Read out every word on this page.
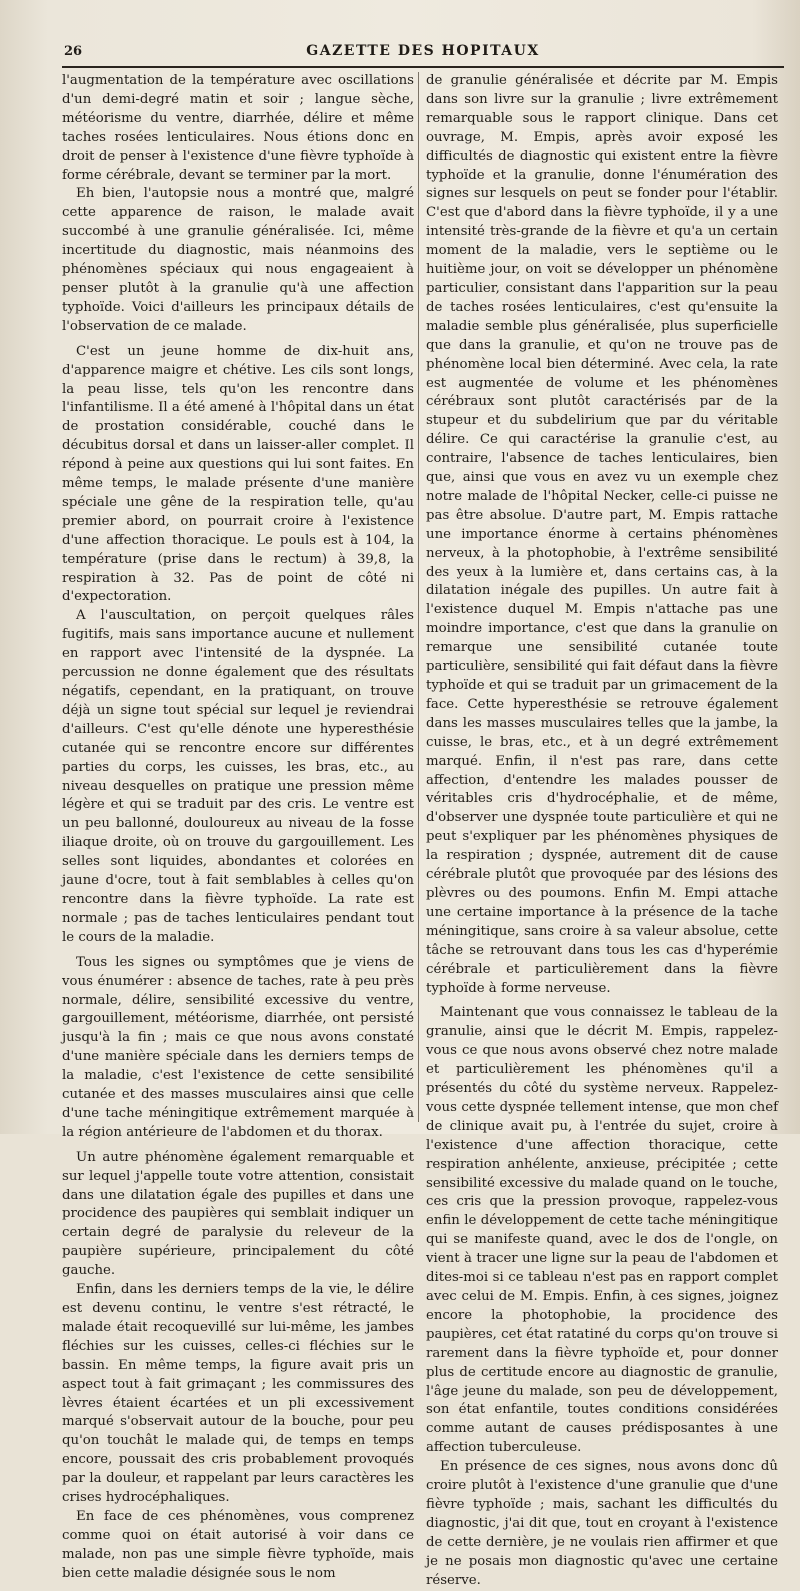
26	GAZETTE DES HOPITAUX

l'augmentation de la température avec oscillations d'un demi-degré matin et soir ; langue sèche, météorisme du ventre, diarrhée, délire et même taches rosées lenticulaires. Nous étions donc en droit de penser à l'existence d'une fièvre typhoïde à forme cérébrale, devant se terminer par la mort.

Eh bien, l'autopsie nous a montré que, malgré cette apparence de raison, le malade avait succombé à une granulie généralisée. Ici, même incertitude du diagnostic, mais néanmoins des phénomènes spéciaux qui nous engageaient à penser plutôt à la granulie qu'à une affection typhoïde. Voici d'ailleurs les principaux détails de l'observation de ce malade.

C'est un jeune homme de dix-huit ans, d'apparence maigre et chétive. Les cils sont longs, la peau lisse, tels qu'on les rencontre dans l'infantilisme. Il a été amené à l'hôpital dans un état de prostation considérable, couché dans le décubitus dorsal et dans un laisser-aller complet. Il répond à peine aux questions qui lui sont faites. En même temps, le malade présente d'une manière spéciale une gêne de la respiration telle, qu'au premier abord, on pourrait croire à l'existence d'une affection thoracique. Le pouls est à 104, la température (prise dans le rectum) à 39,8, la respiration à 32. Pas de point de côté ni d'expectoration.

A l'auscultation, on perçoit quelques râles fugitifs, mais sans importance aucune et nullement en rapport avec l'intensité de la dyspnée. La percussion ne donne également que des résultats négatifs, cependant, en la pratiquant, on trouve déjà un signe tout spécial sur lequel je reviendrai d'ailleurs. C'est qu'elle dénote une hyperesthésie cutanée qui se rencontre encore sur différentes parties du corps, les cuisses, les bras, etc., au niveau desquelles on pratique une pression même légère et qui se traduit par des cris. Le ventre est un peu ballonné, douloureux au niveau de la fosse iliaque droite, où on trouve du gargouillement. Les selles sont liquides, abondantes et colorées en jaune d'ocre, tout à fait semblables à celles qu'on rencontre dans la fièvre typhoïde. La rate est normale ; pas de taches lenticulaires pendant tout le cours de la maladie.

Tous les signes ou symptômes que je viens de vous énumérer : absence de taches, rate à peu près normale, délire, sensibilité excessive du ventre, gargouillement, météorisme, diarrhée, ont persisté jusqu'à la fin ; mais ce que nous avons constaté d'une manière spéciale dans les derniers temps de la maladie, c'est l'existence de cette sensibilité cutanée et des masses musculaires ainsi que celle d'une tache méningitique extrêmement marquée à la région antérieure de l'abdomen et du thorax.

Un autre phénomène également remarquable et sur lequel j'appelle toute votre attention, consistait dans une dilatation égale des pupilles et dans une procidence des paupières qui semblait indiquer un certain degré de paralysie du releveur de la paupière supérieure, principalement du côté gauche.

Enfin, dans les derniers temps de la vie, le délire est devenu continu, le ventre s'est rétracté, le malade était recoquevillé sur lui-même, les jambes fléchies sur les cuisses, celles-ci fléchies sur le bassin. En même temps, la figure avait pris un aspect tout à fait grimaçant ; les commissures des lèvres étaient écartées et un pli excessivement marqué s'observait autour de la bouche, pour peu qu'on touchât le malade qui, de temps en temps encore, poussait des cris probablement provoqués par la douleur, et rappelant par leurs caractères les crises hydrocéphaliques.

En face de ces phénomènes, vous comprenez comme quoi on était autorisé à voir dans ce malade, non pas une simple fièvre typhoïde, mais bien cette maladie désignée sous le nom

de granulie généralisée et décrite par M. Empis dans son livre sur la granulie ; livre extrêmement remarquable sous le rapport clinique. Dans cet ouvrage, M. Empis, après avoir exposé les difficultés de diagnostic qui existent entre la fièvre typhoïde et la granulie, donne l'énumération des signes sur lesquels on peut se fonder pour l'établir. C'est que d'abord dans la fièvre typhoïde, il y a une intensité très-grande de la fièvre et qu'a un certain moment de la maladie, vers le septième ou le huitième jour, on voit se développer un phénomène particulier, consistant dans l'apparition sur la peau de taches rosées lenticulaires, c'est qu'ensuite la maladie semble plus généralisée, plus superficielle que dans la granulie, et qu'on ne trouve pas de phénomène local bien déterminé. Avec cela, la rate est augmentée de volume et les phénomènes cérébraux sont plutôt caractérisés par de la stupeur et du subdelirium que par du véritable délire. Ce qui caractérise la granulie c'est, au contraire, l'absence de taches lenticulaires, bien que, ainsi que vous en avez vu un exemple chez notre malade de l'hôpital Necker, celle-ci puisse ne pas être absolue. D'autre part, M. Empis rattache une importance énorme à certains phénomènes nerveux, à la photophobie, à l'extrême sensibilité des yeux à la lumière et, dans certains cas, à la dilatation inégale des pupilles. Un autre fait à l'existence duquel M. Empis n'attache pas une moindre importance, c'est que dans la granulie on remarque une sensibilité cutanée toute particulière, sensibilité qui fait défaut dans la fièvre typhoïde et qui se traduit par un grimacement de la face. Cette hyperesthésie se retrouve également dans les masses musculaires telles que la jambe, la cuisse, le bras, etc., et à un degré extrêmement marqué. Enfin, il n'est pas rare, dans cette affection, d'entendre les malades pousser de véritables cris d'hydrocéphalie, et de même, d'observer une dyspnée toute particulière et qui ne peut s'expliquer par les phénomènes physiques de la respiration ; dyspnée, autrement dit de cause cérébrale plutôt que provoquée par des lésions des plèvres ou des poumons. Enfin M. Empi attache une certaine importance à la présence de la tache méningitique, sans croire à sa valeur absolue, cette tâche se retrouvant dans tous les cas d'hyperémie cérébrale et particulièrement dans la fièvre typhoïde à forme nerveuse.

Maintenant que vous connaissez le tableau de la granulie, ainsi que le décrit M. Empis, rappelez-vous ce que nous avons observé chez notre malade et particulièrement les phénomènes qu'il a présentés du côté du système nerveux. Rappelez-vous cette dyspnée tellement intense, que mon chef de clinique avait pu, à l'entrée du sujet, croire à l'existence d'une affection thoracique, cette respiration anhélente, anxieuse, précipitée ; cette sensibilité excessive du malade quand on le touche, ces cris que la pression provoque, rappelez-vous enfin le développement de cette tache méningitique qui se manifeste quand, avec le dos de l'ongle, on vient à tracer une ligne sur la peau de l'abdomen et dites-moi si ce tableau n'est pas en rapport complet avec celui de M. Empis. Enfin, à ces signes, joignez encore la photophobie, la procidence des paupières, cet état ratatiné du corps qu'on trouve si rarement dans la fièvre typhoïde et, pour donner plus de certitude encore au diagnostic de granulie, l'âge jeune du malade, son peu de développement, son état enfantile, toutes conditions considérées comme autant de causes prédisposantes à une affection tuberculeuse.

En présence de ces signes, nous avons donc dû croire plutôt à l'existence d'une granulie que d'une fièvre typhoïde ; mais, sachant les difficultés du diagnostic, j'ai dit que, tout en croyant à l'existence de cette dernière, je ne voulais rien affirmer et que je ne posais mon diagnostic qu'avec une certaine réserve.
